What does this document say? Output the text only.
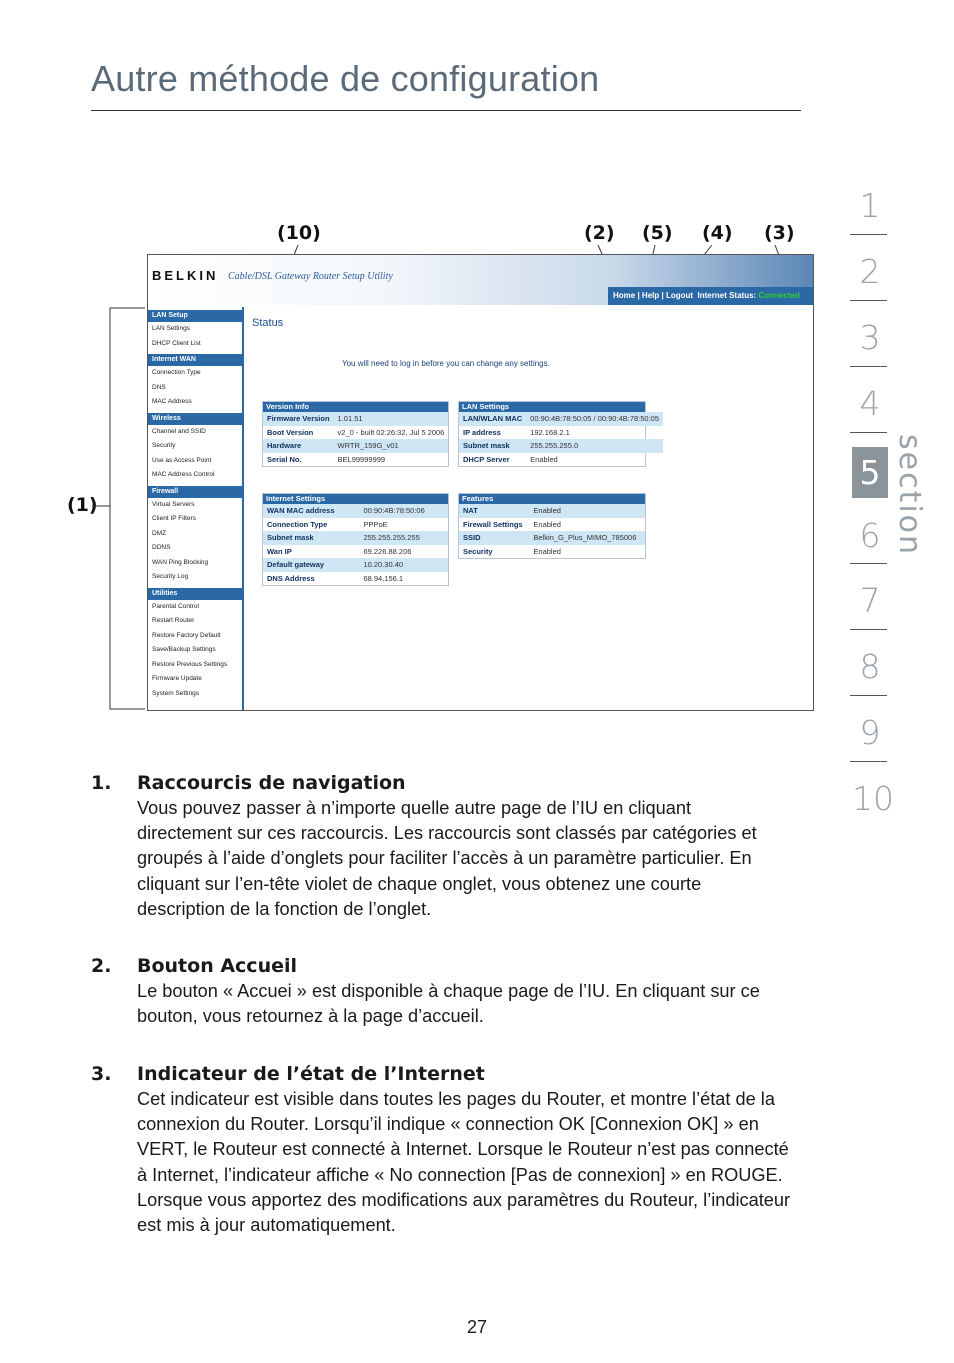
Autre méthode de configuration
1
2
3
4
5
6
7
8
9
10
section
(10)	(2) (5) (4) (3)
(1)
BELKIN Cable/DSL Gateway Router Setup Utility
Home | Help | Logout Internet Status: Connected
LAN Setup
LAN Settings
DHCP Client List
Internet WAN
Connection Type
DNS
MAC Address
Wireless
Channel and SSID
Security
Use as Access Point
MAC Address Control
Firewall
Virtual Servers
Client IP Filters
DMZ
DDNS
WAN Ping Blocking
Security Log
Utilities
Parental Control
Restart Router
Restore Factory Default
Save/Backup Settings
Restore Previous Settings
Firmware Update
System Settings
Status
You will need to log in before you can change any settings.
Version Info
Firmware Version	1.01.51
Boot Version	v2_0 - built 02:26:32, Jul 5 2006
Hardware	WRTR_159G_v01
Serial No.	BEL99999999
LAN Settings
LAN/WLAN MAC	00:90:4B:78:50:05 / 00:90:4B:78:50:05
IP address	192.168.2.1
Subnet mask	255.255.255.0
DHCP Server	Enabled
Internet Settings
WAN MAC address	00:90:4B:78:50:06
Connection Type	PPPoE
Subnet mask	255.255.255.255
Wan IP	69.226.88.206
Default gateway	10.20.30.40
DNS Address	68.94.156.1
Features
NAT	Enabled
Firewall Settings	Enabled
SSID	Belkin_G_Plus_MIMO_785006
Security	Enabled
1. Raccourcis de navigation
Vous pouvez passer à n’importe quelle autre page de l’IU en cliquant directement sur ces raccourcis. Les raccourcis sont classés par catégories et groupés à l’aide d’onglets pour faciliter l’accès à un paramètre particulier. En cliquant sur l’en-tête violet de chaque onglet, vous obtenez une courte description de la fonction de l’onglet.
2. Bouton Accueil
Le bouton « Accuei » est disponible à chaque page de l’IU. En cliquant sur ce bouton, vous retournez à la page d’accueil.
3. Indicateur de l’état de l’Internet
Cet indicateur est visible dans toutes les pages du Router, et montre l’état de la connexion du Router. Lorsqu’il indique « connection OK [Connexion OK] » en VERT, le Routeur est connecté à Internet. Lorsque le Routeur n’est pas connecté à Internet, l’indicateur affiche « No connection [Pas de connexion] » en ROUGE. Lorsque vous apportez des modifications aux paramètres du Routeur, l’indicateur est mis à jour automatiquement.
27
